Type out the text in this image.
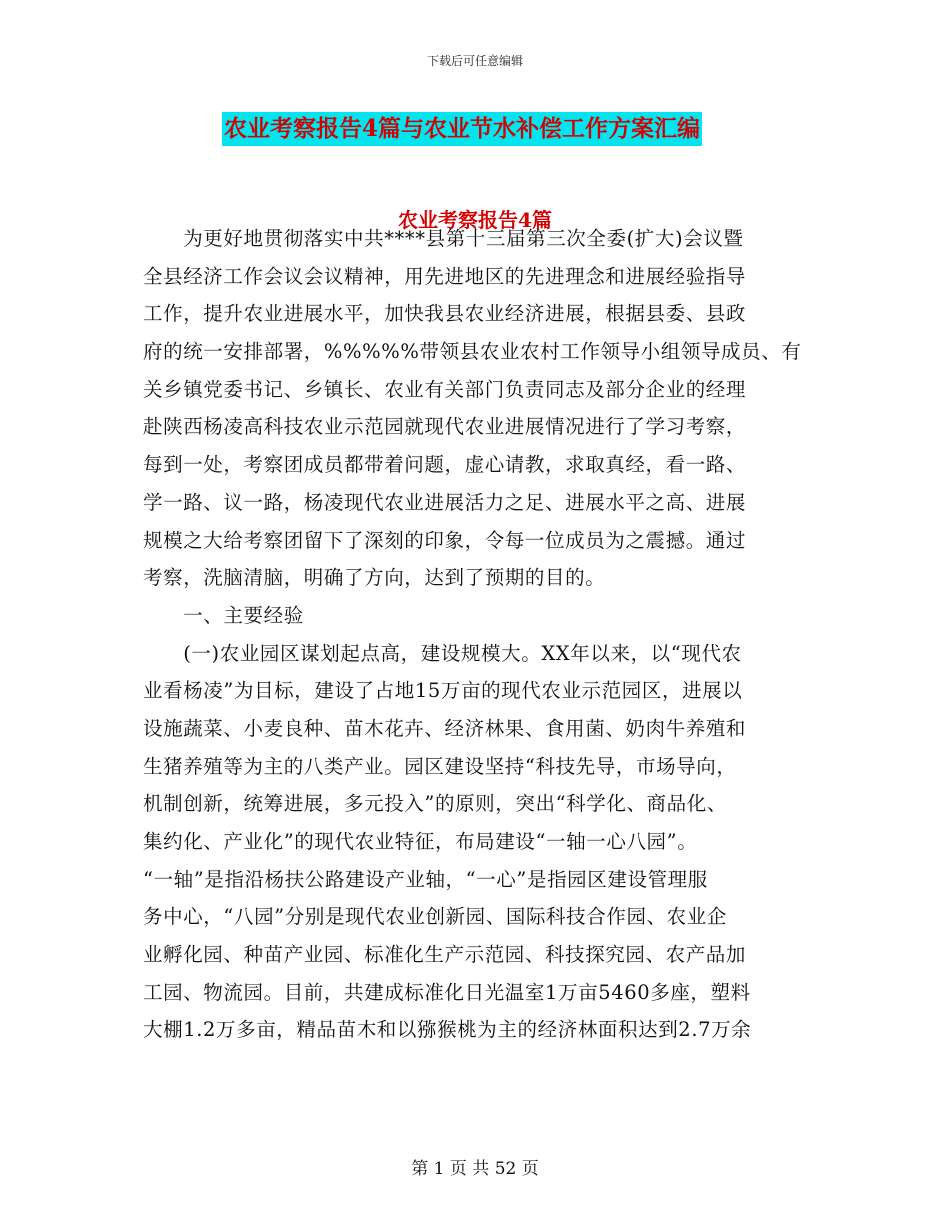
下载后可任意编辑
农业考察报告4篇与农业节水补偿工作方案汇编
农业考察报告4篇
　　为更好地贯彻落实中共****县第十三届第三次全委(扩大)会议暨
全县经济工作会议会议精神，用先进地区的先进理念和进展经验指导
工作，提升农业进展水平，加快我县农业经济进展，根据县委、县政
府的统一安排部署，%%%%%带领县农业农村工作领导小组领导成员、有
关乡镇党委书记、乡镇长、农业有关部门负责同志及部分企业的经理
赴陕西杨凌高科技农业示范园就现代农业进展情况进行了学习考察，
每到一处，考察团成员都带着问题，虚心请教，求取真经，看一路、
学一路、议一路，杨凌现代农业进展活力之足、进展水平之高、进展
规模之大给考察团留下了深刻的印象，令每一位成员为之震撼。通过
考察，洗脑清脑，明确了方向，达到了预期的目的。
　　一、主要经验
　　(一)农业园区谋划起点高，建设规模大。XX年以来，以“现代农
业看杨凌”为目标，建设了占地15万亩的现代农业示范园区，进展以
设施蔬菜、小麦良种、苗木花卉、经济林果、食用菌、奶肉牛养殖和
生猪养殖等为主的八类产业。园区建设坚持“科技先导，市场导向，
机制创新，统筹进展，多元投入”的原则，突出“科学化、商品化、
集约化、产业化”的现代农业特征，布局建设“一轴一心八园”。
“一轴”是指沿杨扶公路建设产业轴，“一心”是指园区建设管理服
务中心，“八园”分别是现代农业创新园、国际科技合作园、农业企
业孵化园、种苗产业园、标准化生产示范园、科技探究园、农产品加
工园、物流园。目前，共建成标准化日光温室1万亩5460多座，塑料
大棚1.2万多亩，精品苗木和以猕猴桃为主的经济林面积达到2.7万余
第 1 页 共 52 页
